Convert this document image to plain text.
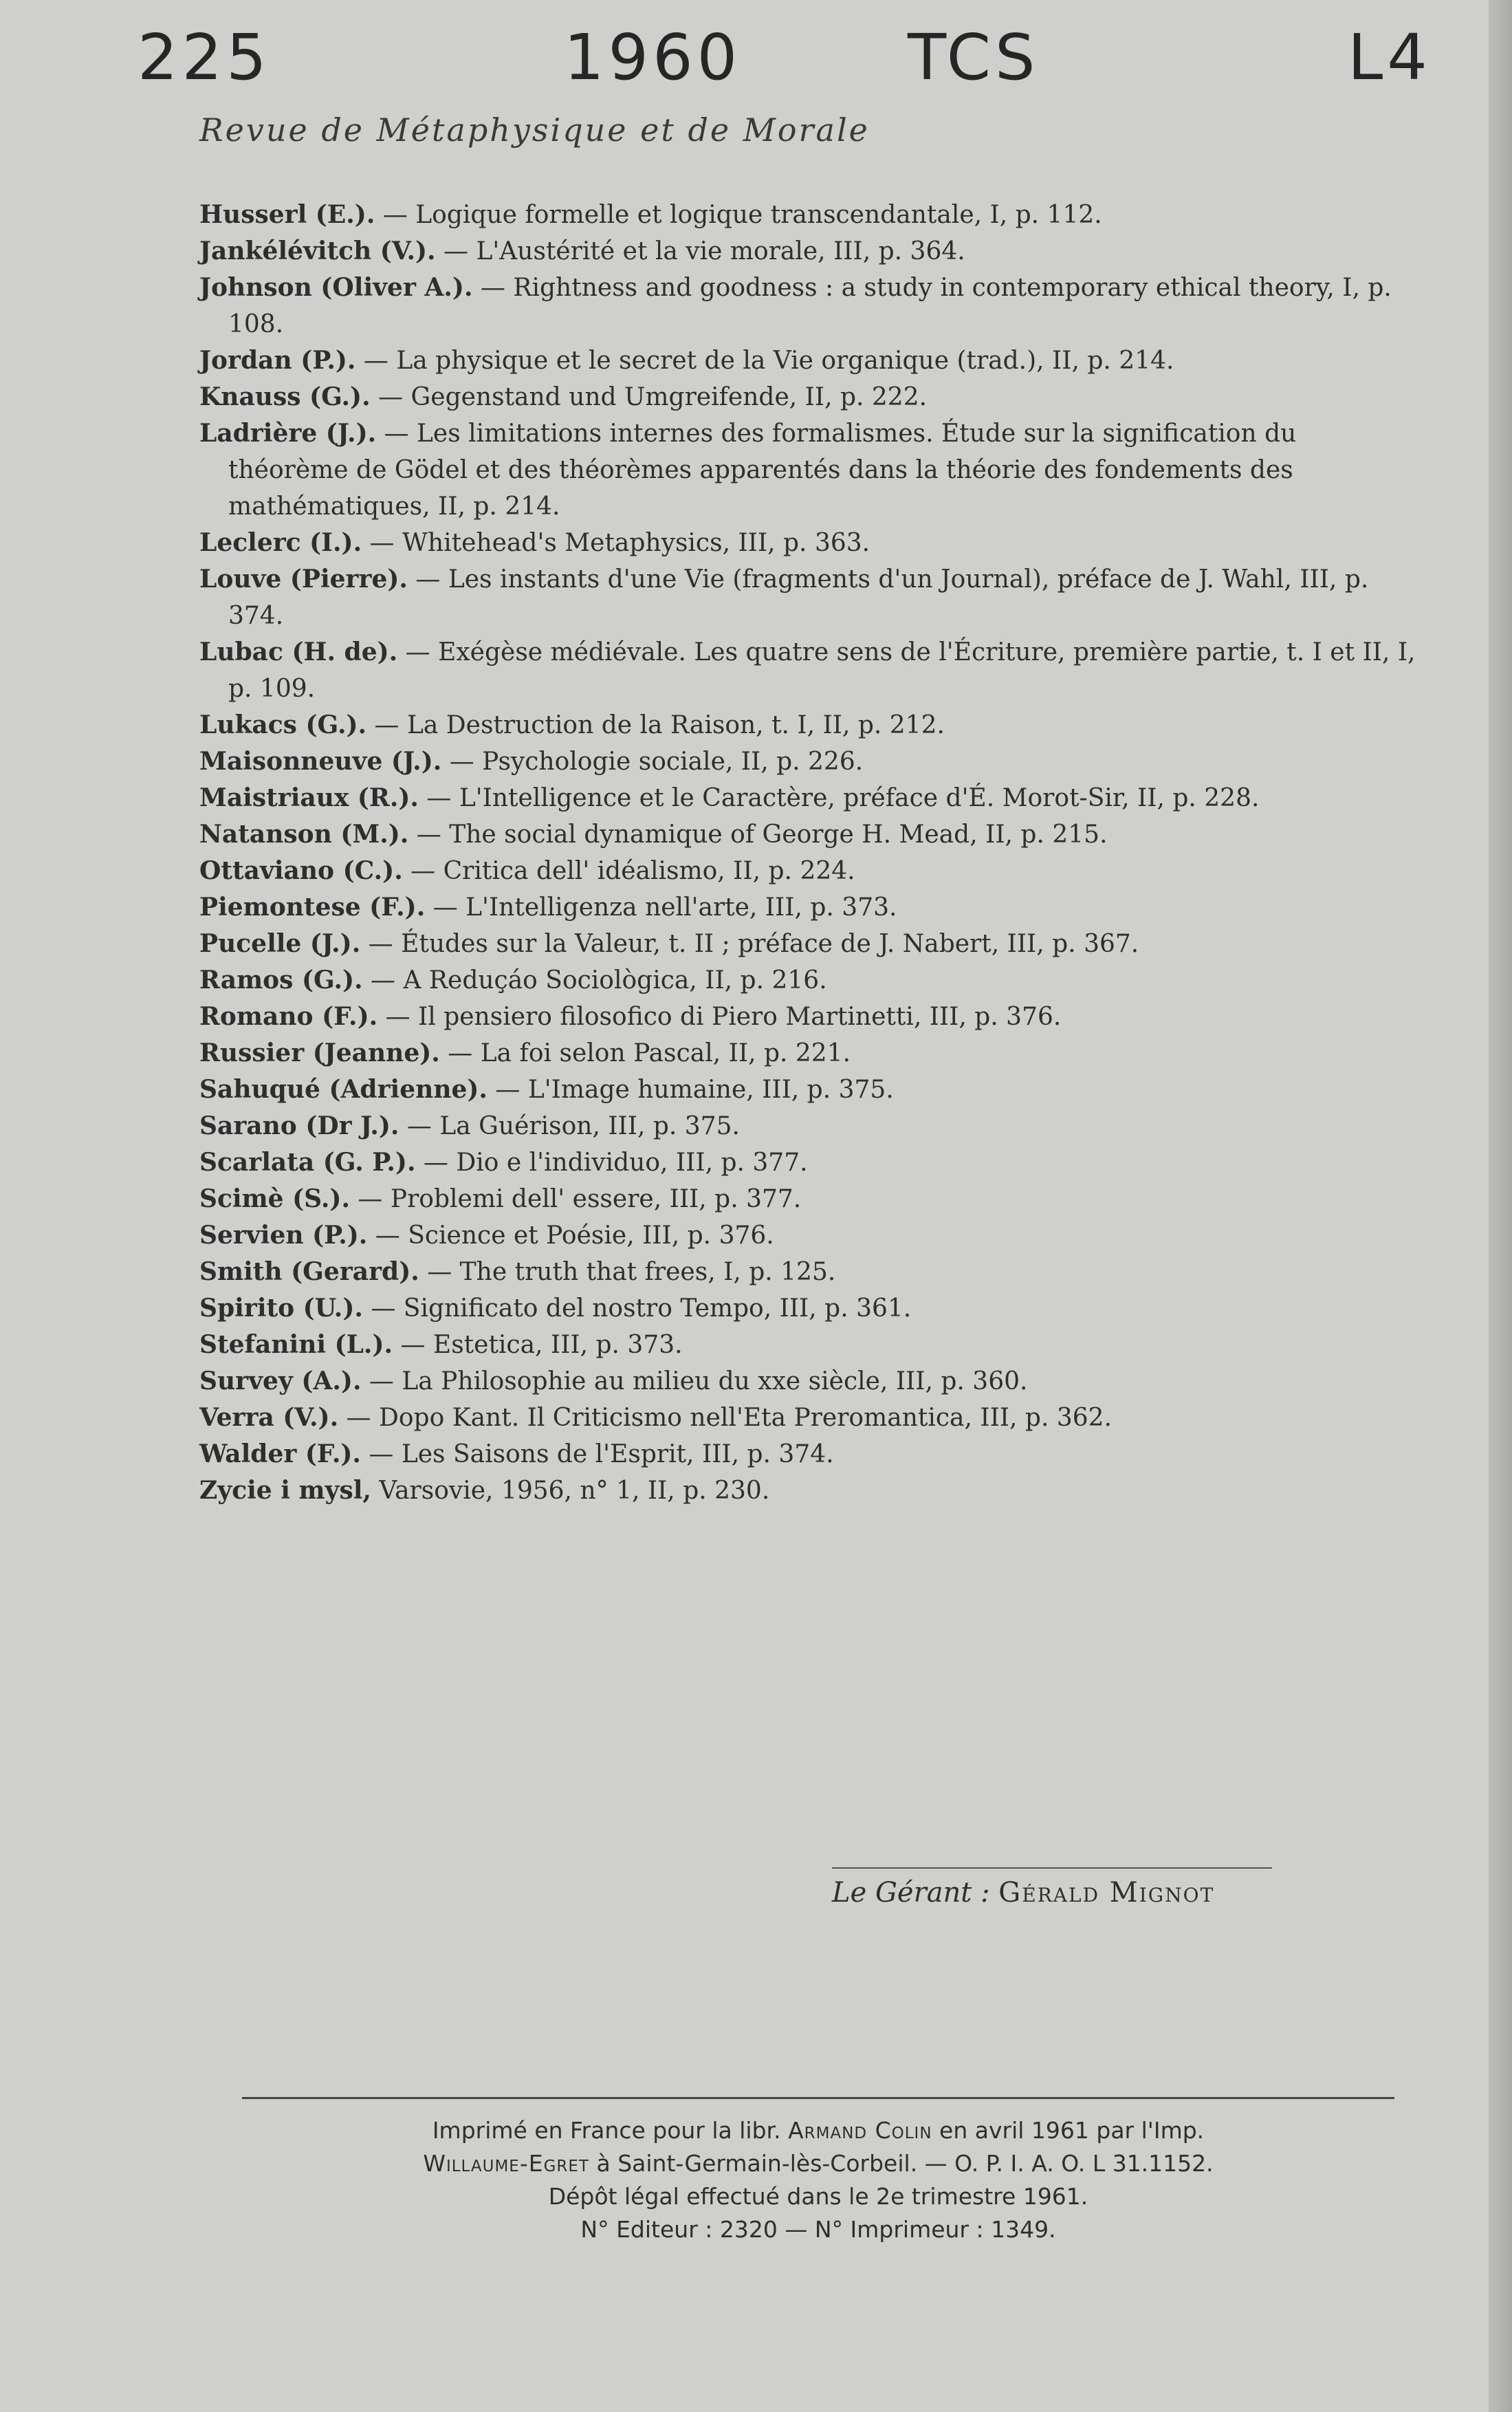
225	1960	TCS	L4
Revue de Métaphysique et de Morale
Husserl (E.). — Logique formelle et logique transcendantale, I, p. 112.
Jankélévitch (V.). — L'Austérité et la vie morale, III, p. 364.
Johnson (Oliver A.). — Rightness and goodness : a study in contemporary ethical theory, I, p. 108.
Jordan (P.). — La physique et le secret de la Vie organique (trad.), II, p. 214.
Knauss (G.). — Gegenstand und Umgreifende, II, p. 222.
Ladrière (J.). — Les limitations internes des formalismes. Étude sur la signification du théorème de Gödel et des théorèmes apparentés dans la théorie des fondements des mathématiques, II, p. 214.
Leclerc (I.). — Whitehead's Metaphysics, III, p. 363.
Louve (Pierre). — Les instants d'une Vie (fragments d'un Journal), préface de J. Wahl, III, p. 374.
Lubac (H. de). — Exégèse médiévale. Les quatre sens de l'Écriture, première partie, t. I et II, I, p. 109.
Lukacs (G.). — La Destruction de la Raison, t. I, II, p. 212.
Maisonneuve (J.). — Psychologie sociale, II, p. 226.
Maistriaux (R.). — L'Intelligence et le Caractère, préface d'É. Morot-Sir, II, p. 228.
Natanson (M.). — The social dynamique of George H. Mead, II, p. 215.
Ottaviano (C.). — Critica dell' idéalismo, II, p. 224.
Piemontese (F.). — L'Intelligenza nell'arte, III, p. 373.
Pucelle (J.). — Études sur la Valeur, t. II ; préface de J. Nabert, III, p. 367.
Ramos (G.). — A Reduçáo Sociològica, II, p. 216.
Romano (F.). — Il pensiero filosofico di Piero Martinetti, III, p. 376.
Russier (Jeanne). — La foi selon Pascal, II, p. 221.
Sahuqué (Adrienne). — L'Image humaine, III, p. 375.
Sarano (Dr J.). — La Guérison, III, p. 375.
Scarlata (G. P.). — Dio e l'individuo, III, p. 377.
Scimè (S.). — Problemi dell' essere, III, p. 377.
Servien (P.). — Science et Poésie, III, p. 376.
Smith (Gerard). — The truth that frees, I, p. 125.
Spirito (U.). — Significato del nostro Tempo, III, p. 361.
Stefanini (L.). — Estetica, III, p. 373.
Survey (A.). — La Philosophie au milieu du xxe siècle, III, p. 360.
Verra (V.). — Dopo Kant. Il Criticismo nell'Eta Preromantica, III, p. 362.
Walder (F.). — Les Saisons de l'Esprit, III, p. 374.
Zycie i mysl, Varsovie, 1956, n° 1, II, p. 230.
Le Gérant : Gérald Mignot
Imprimé en France pour la libr. Armand Colin en avril 1961 par l'Imp.
Willaume-Egret à Saint-Germain-lès-Corbeil. — O. P. I. A. O. L 31.1152.
Dépôt légal effectué dans le 2e trimestre 1961.
N° Editeur : 2320 — N° Imprimeur : 1349.
